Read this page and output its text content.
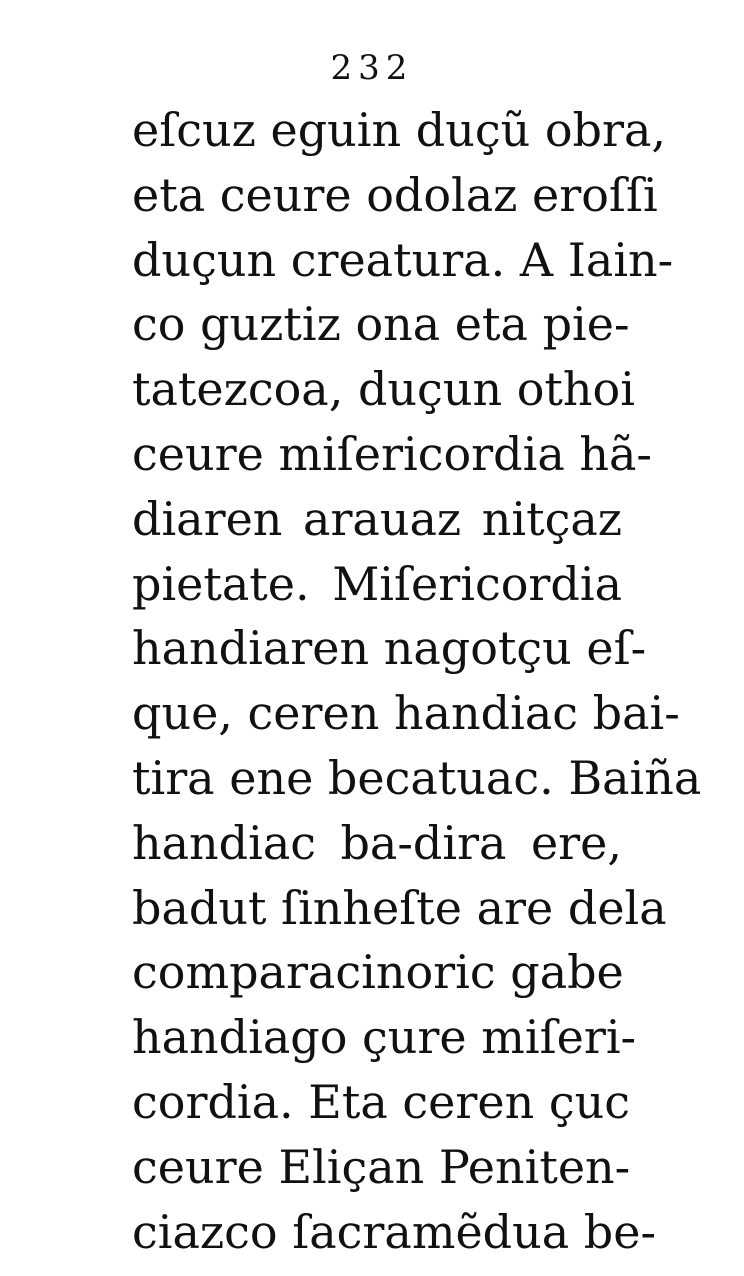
232
eſcuz eguin duçũ obra,
eta ceure odolaz eroſſi
duçun creatura. A Iain-
co guztiz ona eta pie-
tatezcoa, duçun othoi
ceure miſericordia hã-
diaren arauaz nitçaz
pietate. Miſericordia
handiaren nagotçu eſ-
que, ceren handiac bai-
tira ene becatuac. Baiña
handiac ba-dira ere,
badut ſinheſte are dela
comparacinoric gabe
handiago çure miſeri-
cordia. Eta ceren çuc
ceure Eliçan Peniten-
ciazco ſacramẽdua be-
